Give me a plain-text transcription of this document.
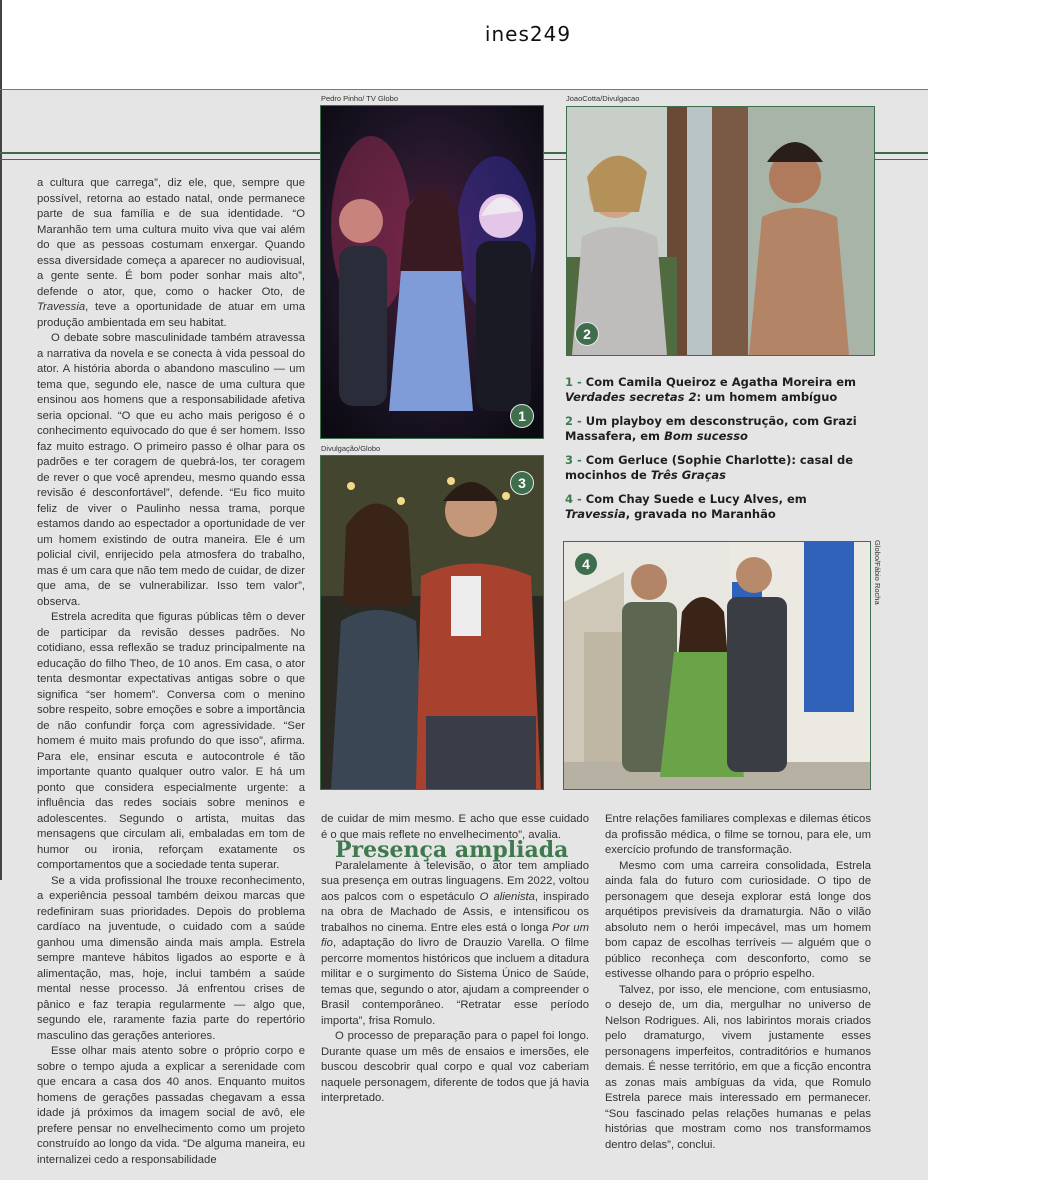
ines249
Pedro Pinho/ TV Globo	JoaoCotta/Divulgacao
Divulgação/Globo
Globo/Fábio Rocha
1
2
3
4
1 - Com Camila Queiroz e Agatha Moreira em Verdades secretas 2: um homem ambíguo
2 - Um playboy em desconstrução, com Grazi Massafera, em Bom sucesso
3 - Com Gerluce (Sophie Charlotte): casal de mocinhos de Três Graças
4 - Com Chay Suede e Lucy Alves, em Travessia, gravada no Maranhão

a cultura que carrega”, diz ele, que, sempre que possível, retorna ao estado natal, onde permanece parte de sua família e de sua identidade. “O Maranhão tem uma cultura muito viva que vai além do que as pessoas costumam enxergar. Quando essa diversidade começa a aparecer no audiovisual, a gente sente. É bom poder sonhar mais alto”, defende o ator, que, como o hacker Oto, de Travessia, teve a oportunidade de atuar em uma produção ambientada em seu habitat.

O debate sobre masculinidade também atravessa a narrativa da novela e se conecta à vida pessoal do ator. A história aborda o abandono masculino — um tema que, segundo ele, nasce de uma cultura que ensinou aos homens que a responsabilidade afetiva seria opcional. “O que eu acho mais perigoso é o conhecimento equivocado do que é ser homem. Isso faz muito estrago. O primeiro passo é olhar para os padrões e ter coragem de quebrá-los, ter coragem de rever o que você aprendeu, mesmo quando essa revisão é desconfortável”, defende. “Eu fico muito feliz de viver o Paulinho nessa trama, porque estamos dando ao espectador a oportunidade de ver um homem existindo de outra maneira. Ele é um policial civil, enrijecido pela atmosfera do trabalho, mas é um cara que não tem medo de cuidar, de dizer que ama, de se vulnerabilizar. Isso tem valor”, observa.

Estrela acredita que figuras públicas têm o dever de participar da revisão desses padrões. No cotidiano, essa reflexão se traduz principalmente na educação do filho Theo, de 10 anos. Em casa, o ator tenta desmontar expectativas antigas sobre o que significa “ser homem”. Conversa com o menino sobre respeito, sobre emoções e sobre a importância de não confundir força com agressividade. “Ser homem é muito mais profundo do que isso”, afirma. Para ele, ensinar escuta e autocontrole é tão importante quanto qualquer outro valor. E há um ponto que considera especialmente urgente: a influência das redes sociais sobre meninos e adolescentes. Segundo o artista, muitas das mensagens que circulam ali, embaladas em tom de humor ou ironia, reforçam exatamente os comportamentos que a sociedade tenta superar.

Se a vida profissional lhe trouxe reconhecimento, a experiência pessoal também deixou marcas que redefiniram suas prioridades. Depois do problema cardíaco na juventude, o cuidado com a saúde ganhou uma dimensão ainda mais ampla. Estrela sempre manteve hábitos ligados ao esporte e à alimentação, mas, hoje, inclui também a saúde mental nesse processo. Já enfrentou crises de pânico e faz terapia regularmente — algo que, segundo ele, raramente fazia parte do repertório masculino das gerações anteriores.

Esse olhar mais atento sobre o próprio corpo e sobre o tempo ajuda a explicar a serenidade com que encara a casa dos 40 anos. Enquanto muitos homens de gerações passadas chegavam a essa idade já próximos da imagem social de avô, ele prefere pensar no envelhecimento como um projeto construído ao longo da vida. “De alguma maneira, eu internalizei cedo a responsabilidade

de cuidar de mim mesmo. E acho que esse cuidado é o que mais reflete no envelhecimento”, avalia.

Presença ampliada

Paralelamente à televisão, o ator tem ampliado sua presença em outras linguagens. Em 2022, voltou aos palcos com o espetáculo O alienista, inspirado na obra de Machado de Assis, e intensificou os trabalhos no cinema. Entre eles está o longa Por um fio, adaptação do livro de Drauzio Varella. O filme percorre momentos históricos que incluem a ditadura militar e o surgimento do Sistema Único de Saúde, temas que, segundo o ator, ajudam a compreender o Brasil contemporâneo. “Retratar esse período importa”, frisa Romulo.

O processo de preparação para o papel foi longo. Durante quase um mês de ensaios e imersões, ele buscou descobrir qual corpo e qual voz caberiam naquele personagem, diferente de todos que já havia interpretado.

Entre relações familiares complexas e dilemas éticos da profissão médica, o filme se tornou, para ele, um exercício profundo de transformação.

Mesmo com uma carreira consolidada, Estrela ainda fala do futuro com curiosidade. O tipo de personagem que deseja explorar está longe dos arquétipos previsíveis da dramaturgia. Não o vilão absoluto nem o herói impecável, mas um homem bom capaz de escolhas terríveis — alguém que o público reconheça com desconforto, como se estivesse olhando para o próprio espelho.

Talvez, por isso, ele mencione, com entusiasmo, o desejo de, um dia, mergulhar no universo de Nelson Rodrigues. Ali, nos labirintos morais criados pelo dramaturgo, vivem justamente esses personagens imperfeitos, contraditórios e humanos demais. É nesse território, em que a ficção encontra as zonas mais ambíguas da vida, que Romulo Estrela parece mais interessado em permanecer. “Sou fascinado pelas relações humanas e pelas histórias que mostram como nos transformamos dentro delas”, conclui.
